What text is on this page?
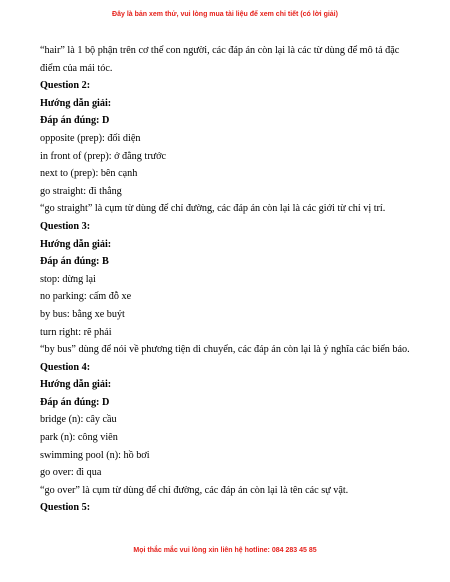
Đây là bản xem thử, vui lòng mua tài liệu để xem chi tiết (có lời giải)
“hair” là 1 bộ phận trên cơ thể con người, các đáp án còn lại là các từ dùng để mô tả đặc điểm của mái tóc.
Question 2:
Hướng dẫn giải:
Đáp án đúng: D
opposite (prep): đối diện
in front of (prep): ở đằng trước
next to (prep): bên cạnh
go straight: đi thẳng
“go straight” là cụm từ dùng để chỉ đường, các đáp án còn lại là các giới từ chỉ vị trí.
Question 3:
Hướng dẫn giải:
Đáp án đúng: B
stop: dừng lại
no parking: cấm đỗ xe
by bus: bằng xe buýt
turn right: rẽ phải
“by bus” dùng để nói về phương tiện di chuyển, các đáp án còn lại là ý nghĩa các biển báo.
Question 4:
Hướng dẫn giải:
Đáp án đúng: D
bridge (n): cây cầu
park (n): công viên
swimming pool (n): hồ bơi
go over: đi qua
“go over” là cụm từ dùng để chỉ đường, các đáp án còn lại là tên các sự vật.
Question 5:
Mọi thắc mắc vui lòng xin liên hệ hotline: 084 283 45 85
